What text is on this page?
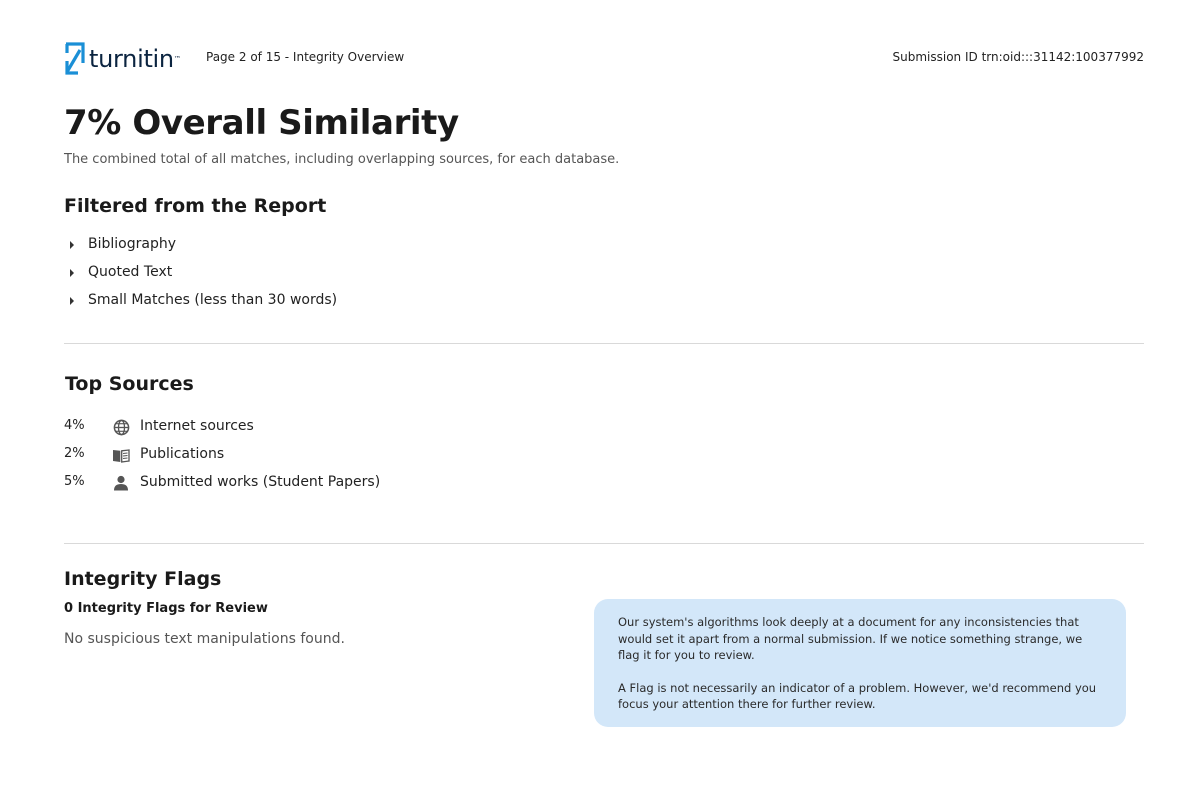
turnitin™ Page 2 of 15 - Integrity Overview	Submission ID trn:oid:::31142:100377992
7% Overall Similarity
The combined total of all matches, including overlapping sources, for each database.
Filtered from the Report
Bibliography
Quoted Text
Small Matches (less than 30 words)
Top Sources
4%	Internet sources
2%	Publications
5%	Submitted works (Student Papers)
Integrity Flags
0 Integrity Flags for Review
No suspicious text manipulations found.

Our system's algorithms look deeply at a document for any inconsistencies that would set it apart from a normal submission. If we notice something strange, we flag it for you to review.

A Flag is not necessarily an indicator of a problem. However, we'd recommend you focus your attention there for further review.
